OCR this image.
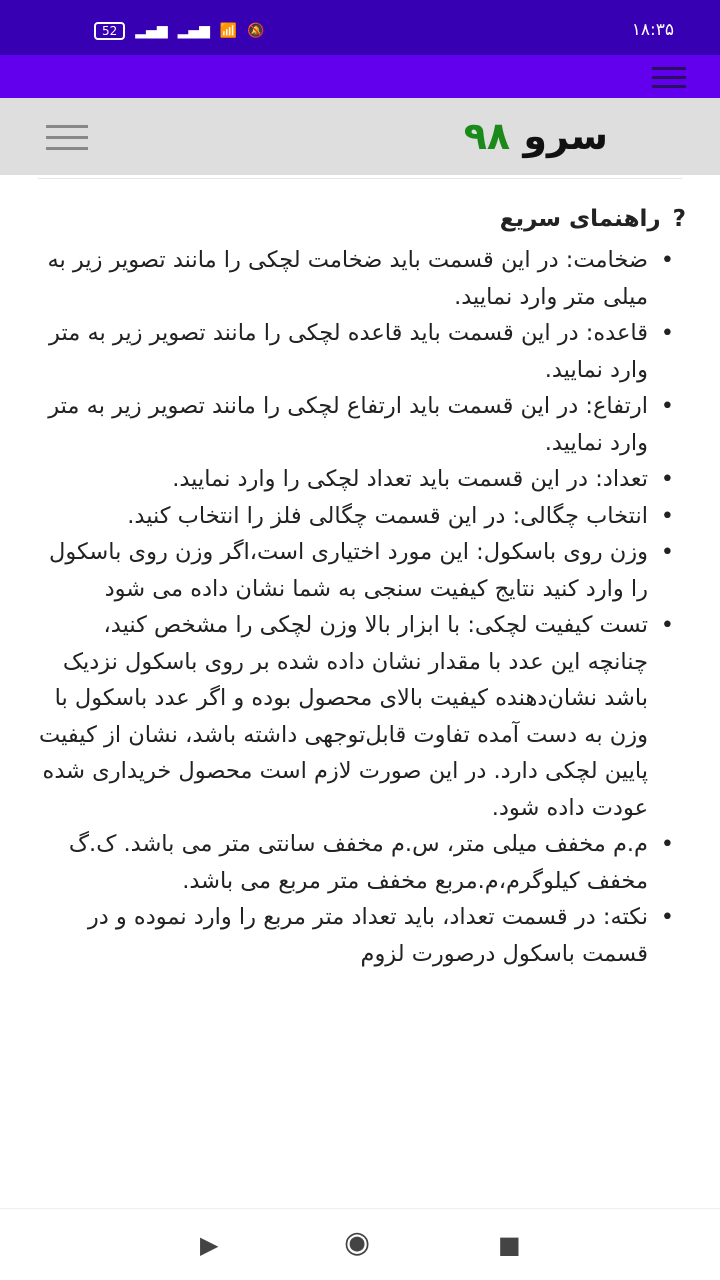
52	▂▄▆ ▂▄▆ 📶 🔕	۱۸:۳۵
سرو ۹۸
?
راهنمای سریع
• ضخامت: در این قسمت باید ضخامت لچکی را مانند تصویر زیر به میلی متر وارد نمایید.
• قاعده: در این قسمت باید قاعده لچکی را مانند تصویر زیر به متر وارد نمایید.
• ارتفاع: در این قسمت باید ارتفاع لچکی را مانند تصویر زیر به متر وارد نمایید.
• تعداد: در این قسمت باید تعداد لچکی را وارد نمایید.
• انتخاب چگالی: در این قسمت چگالی فلز را انتخاب کنید.
• وزن روی باسکول: این مورد اختیاری است،اگر وزن روی باسکول را وارد کنید نتایج کیفیت سنجی به شما نشان داده می شود
• تست کیفیت لچکی: با ابزار بالا وزن لچکی را مشخص کنید، چنانچه این عدد با مقدار نشان داده شده بر روی باسکول نزدیک باشد نشان‌دهنده کیفیت بالای محصول بوده و اگر عدد باسکول با وزن به دست آمده تفاوت قابل‌توجهی داشته باشد، نشان از کیفیت پایین لچکی دارد. در این صورت لازم است محصول خریداری شده عودت داده شود.
• م.م مخفف میلی متر، س.م مخفف سانتی متر می باشد. ک.گ مخفف کیلوگرم،م.مربع مخفف متر مربع می باشد.
• نکته: در قسمت تعداد، باید تعداد متر مربع را وارد نموده و در قسمت باسکول درصورت لزوم
▶	◉	■
